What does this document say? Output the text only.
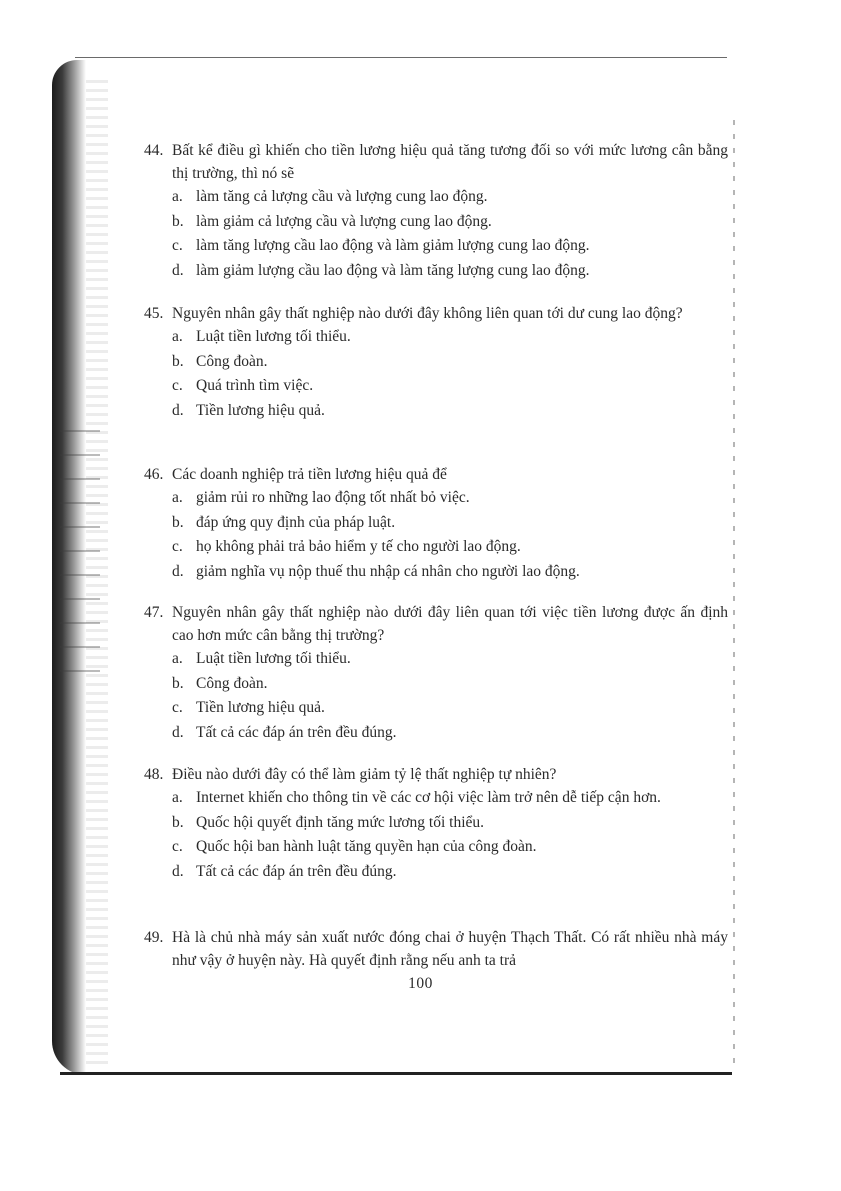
44. Bất kể điều gì khiến cho tiền lương hiệu quả tăng tương đối so với mức lương cân bằng thị trường, thì nó sẽ

a. làm tăng cả lượng cầu và lượng cung lao động.
b. làm giảm cả lượng cầu và lượng cung lao động.
c. làm tăng lượng cầu lao động và làm giảm lượng cung lao động.
d. làm giảm lượng cầu lao động và làm tăng lượng cung lao động.
45. Nguyên nhân gây thất nghiệp nào dưới đây không liên quan tới dư cung lao động?

a. Luật tiền lương tối thiểu.
b. Công đoàn.
c. Quá trình tìm việc.
d. Tiền lương hiệu quả.
46. Các doanh nghiệp trả tiền lương hiệu quả để

a. giảm rủi ro những lao động tốt nhất bỏ việc.
b. đáp ứng quy định của pháp luật.
c. họ không phải trả bảo hiểm y tế cho người lao động.
d. giảm nghĩa vụ nộp thuế thu nhập cá nhân cho người lao động.
47. Nguyên nhân gây thất nghiệp nào dưới đây liên quan tới việc tiền lương được ấn định cao hơn mức cân bằng thị trường?

a. Luật tiền lương tối thiểu.
b. Công đoàn.
c. Tiền lương hiệu quả.
d. Tất cả các đáp án trên đều đúng.
48. Điều nào dưới đây có thể làm giảm tỷ lệ thất nghiệp tự nhiên?

a. Internet khiến cho thông tin về các cơ hội việc làm trở nên dễ tiếp cận hơn.
b. Quốc hội quyết định tăng mức lương tối thiểu.
c. Quốc hội ban hành luật tăng quyền hạn của công đoàn.
d. Tất cả các đáp án trên đều đúng.
49. Hà là chủ nhà máy sản xuất nước đóng chai ở huyện Thạch Thất. Có rất nhiều nhà máy như vậy ở huyện này. Hà quyết định rằng nếu anh ta trả

100
